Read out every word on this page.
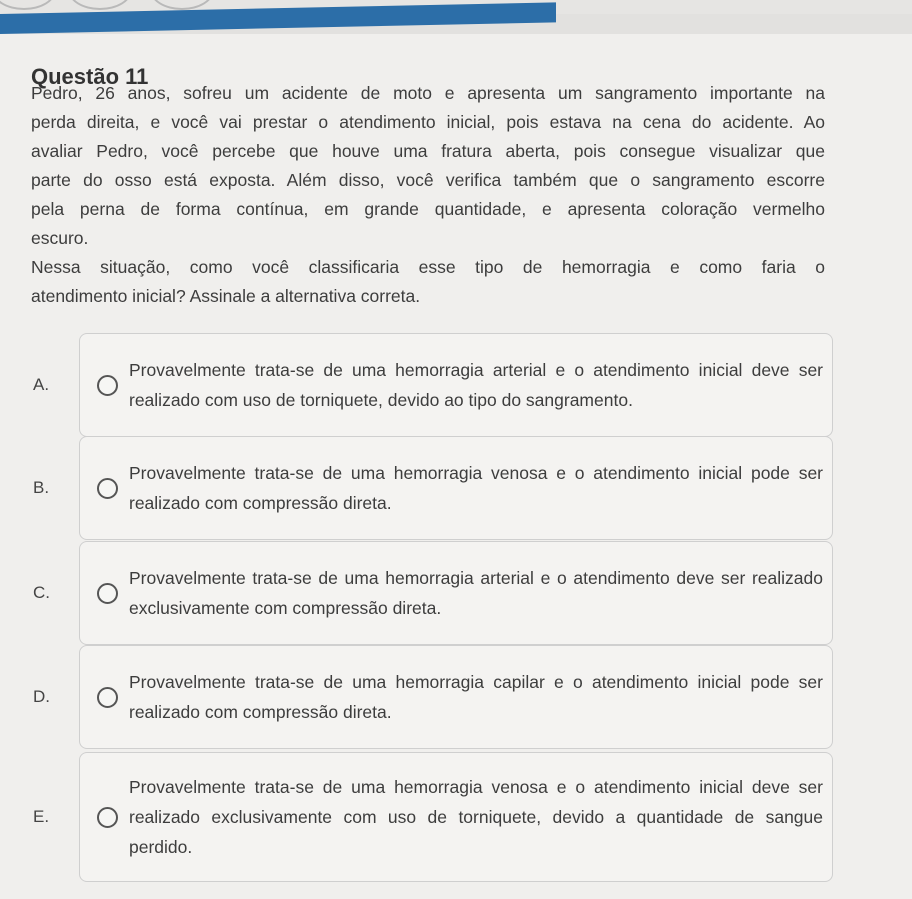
Questão 11

Pedro, 26 anos, sofreu um acidente de moto e apresenta um sangramento importante na

perda direita, e você vai prestar o atendimento inicial, pois estava na cena do acidente. Ao

avaliar Pedro, você percebe que houve uma fratura aberta, pois consegue visualizar que

parte do osso está exposta. Além disso, você verifica também que o sangramento escorre

pela perna de forma contínua, em grande quantidade, e apresenta coloração vermelho

escuro.

Nessa situação, como você classificaria esse tipo de hemorragia e como faria o

atendimento inicial? Assinale a alternativa correta.

A.

Provavelmente trata-se de uma hemorragia arterial e o atendimento inicial deve ser realizado com uso de torniquete, devido ao tipo do sangramento.

B.

Provavelmente trata-se de uma hemorragia venosa e o atendimento inicial pode ser realizado com compressão direta.

C.

Provavelmente trata-se de uma hemorragia arterial e o atendimento deve ser realizado exclusivamente com compressão direta.

D.

Provavelmente trata-se de uma hemorragia capilar e o atendimento inicial pode ser realizado com compressão direta.

E.

Provavelmente trata-se de uma hemorragia venosa e o atendimento inicial deve ser realizado exclusivamente com uso de torniquete, devido a quantidade de sangue perdido.
